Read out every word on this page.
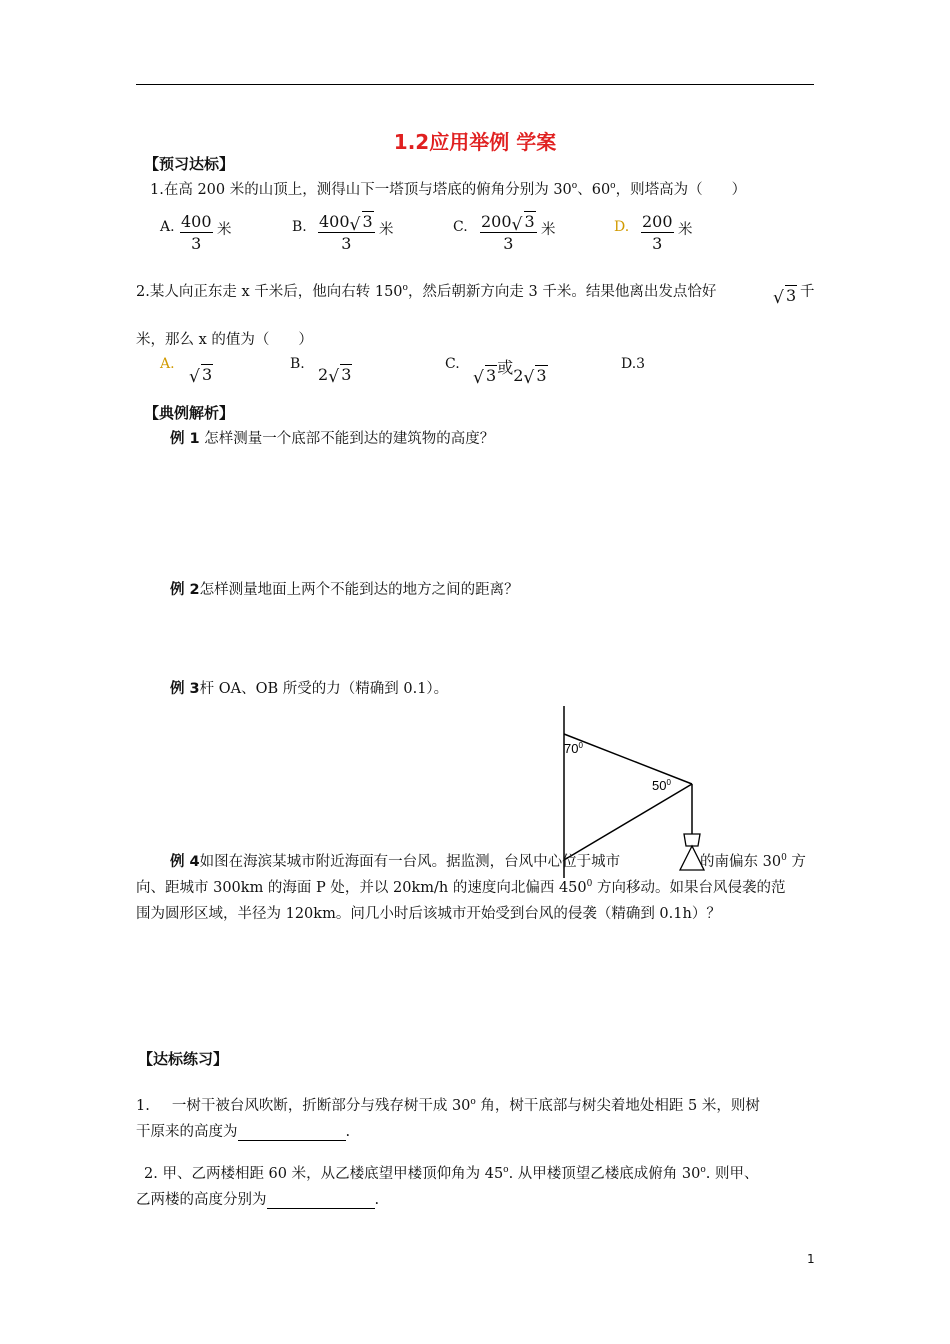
1.2应用举例 学案
【预习达标】
1.在高 200 米的山顶上，测得山下一塔顶与塔底的俯角分别为 30$^o$、60$^o$，则塔高为（　　）
A. $\frac{400}{3}$ 米	B. $\frac{400 √ 3}{3}$ 米	C. $\frac{200 √ 3}{3}$ 米	D. $\frac{200}{3}$ 米
2.某人向正东走 x 千米后，他向右转 150$^o$，然后朝新方向走 3 千米。结果他离出发点恰好	√ 3 千
米，那么 x 的值为（　　）
A.
√ 3
B.
2 √ 3
C.
√ 3或2 √ 3
D.3
【典例解析】
例 1 怎样测量一个底部不能到达的建筑物的高度？
例 2怎样测量地面上两个不能到达的地方之间的距离？
例 3杆 OA、OB 所受的力（精确到 0.1）。
$70^0$
$50^0$
例 4如图在海滨某城市附近海面有一台风。据监测，台风中心位于城市	的南偏东 $30^0$ 方
向、距城市 300km 的海面 P 处，并以 20km/h 的速度向北偏西 $450^0$ 方向移动。如果台风侵袭的范
围为圆形区域，半径为 120km。问几小时后该城市开始受到台风的侵袭（精确到 0.1h）？
【达标练习】
1. 一树干被台风吹断，折断部分与残存树干成 30$^o$ 角，树干底部与树尖着地处相距 5 米，则树
干原来的高度为	.
2. 甲、乙两楼相距 60 米，从乙楼底望甲楼顶仰角为 45$^o$. 从甲楼顶望乙楼底成俯角 30$^o$. 则甲、
乙两楼的高度分别为	.
1
